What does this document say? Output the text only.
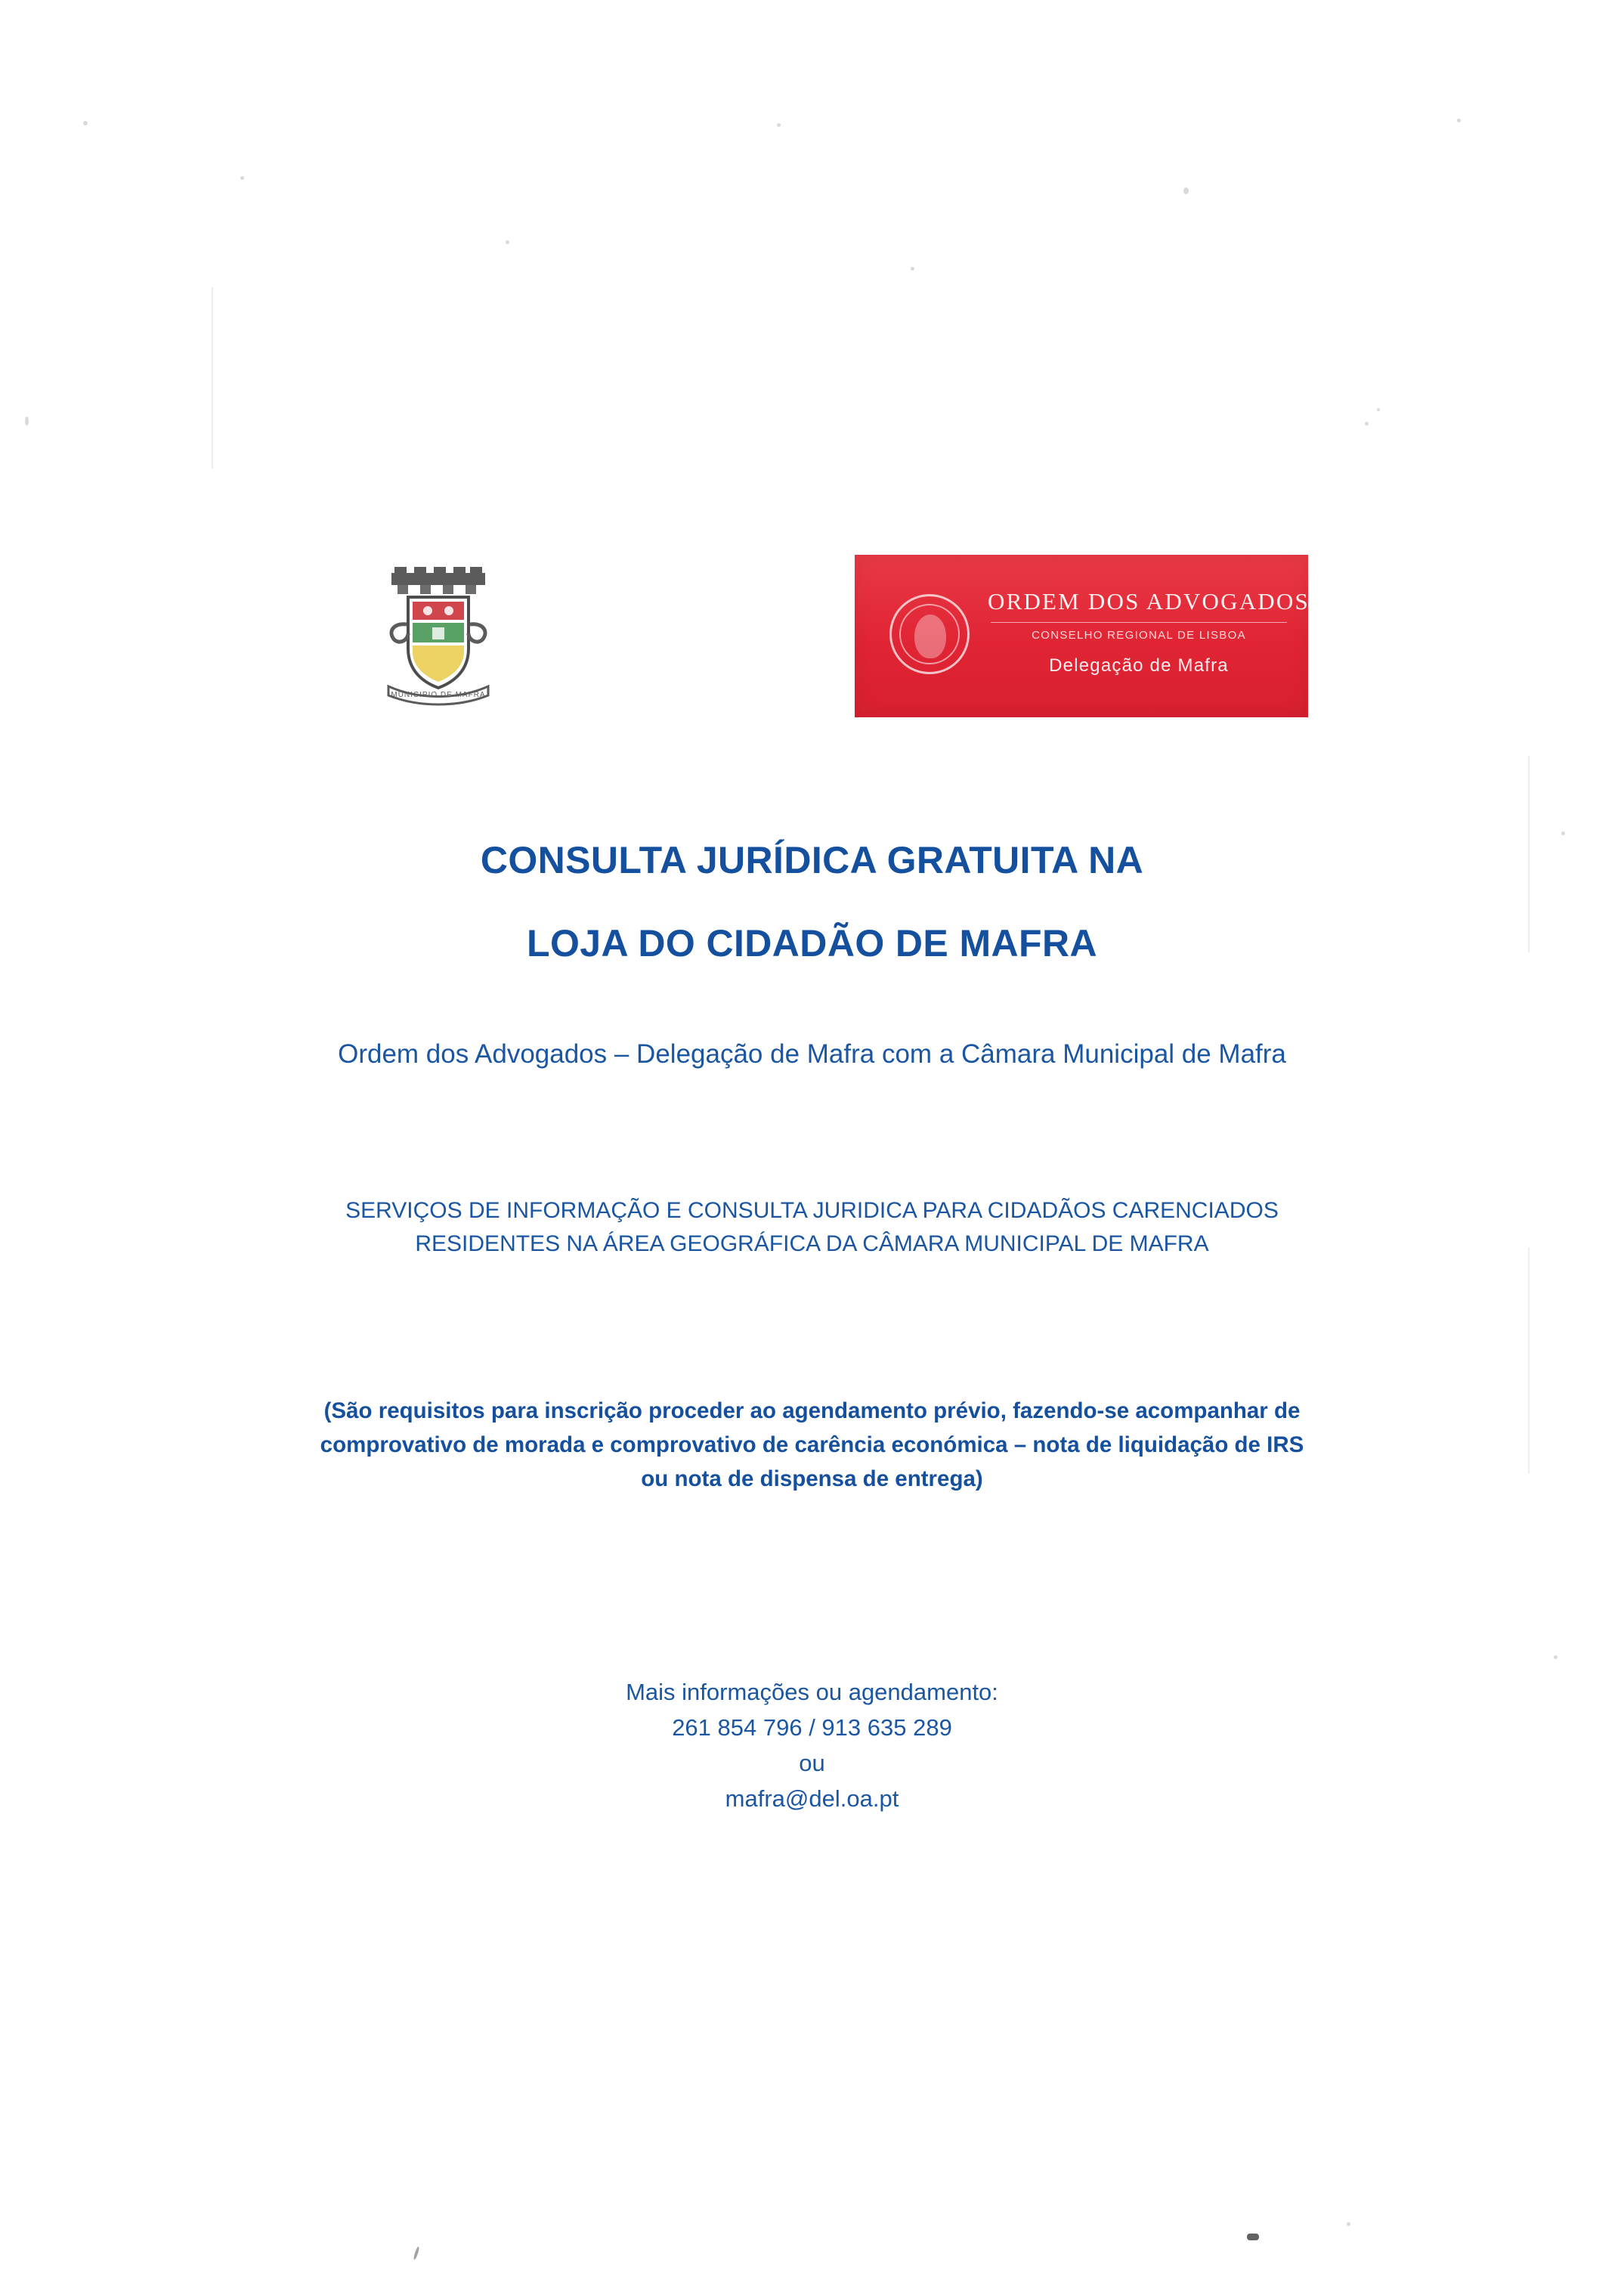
MUNICIPIO DE MAFRA
ORDEM DOS ADVOGADOS
CONSELHO REGIONAL DE LISBOA
Delegação de Mafra
CONSULTA JURÍDICA GRATUITA NA
LOJA DO CIDADÃO DE MAFRA
Ordem dos Advogados – Delegação de Mafra com a Câmara Municipal de Mafra
SERVIÇOS DE INFORMAÇÃO E CONSULTA JURIDICA PARA CIDADÃOS CARENCIADOS RESIDENTES NA ÁREA GEOGRÁFICA DA CÂMARA MUNICIPAL DE MAFRA
(São requisitos para inscrição proceder ao agendamento prévio, fazendo-se acompanhar de comprovativo de morada e comprovativo de carência económica – nota de liquidação de IRS ou nota de dispensa de entrega)
Mais informações ou agendamento:
261 854 796 / 913 635 289
ou
mafra@del.oa.pt
